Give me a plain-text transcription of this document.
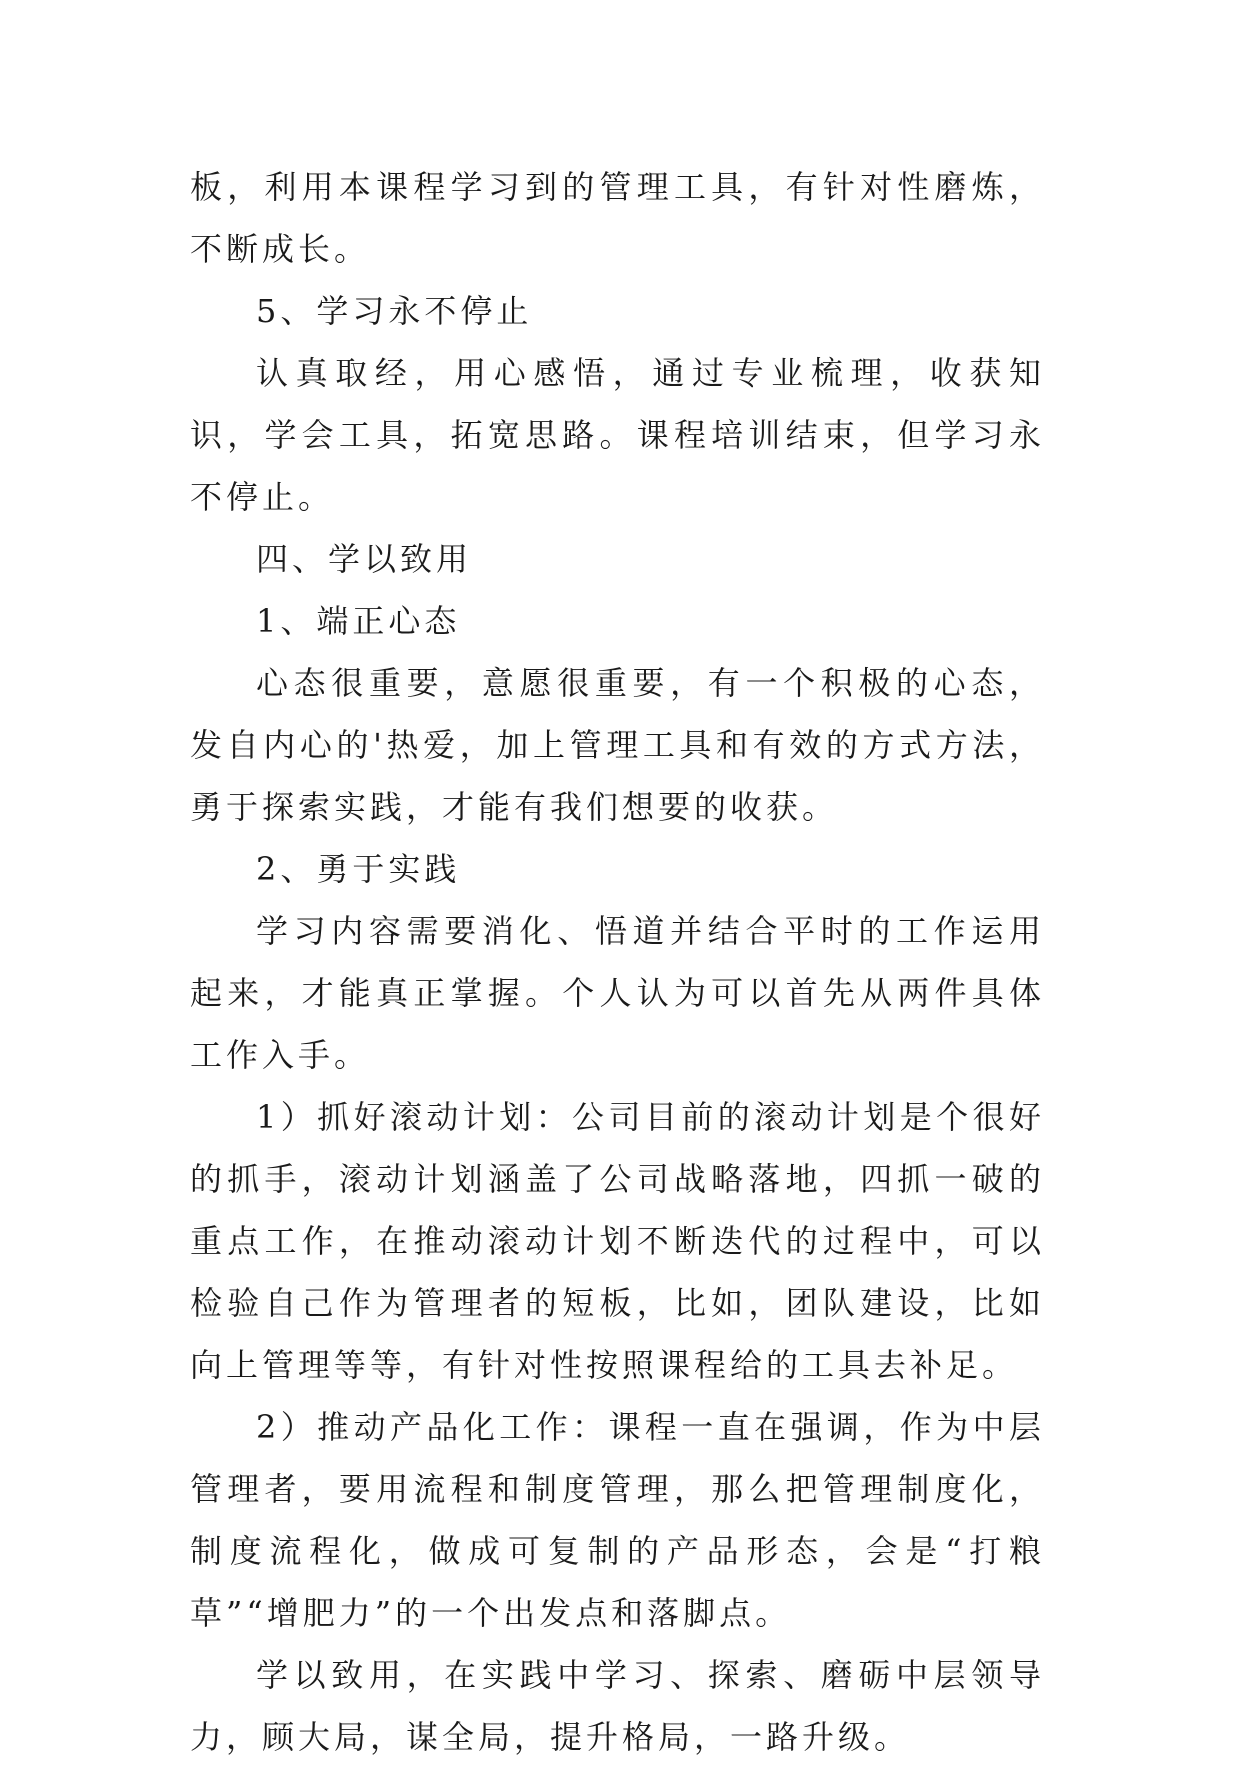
板，利用本课程学习到的管理工具，有针对性磨炼，不断成长。

5、学习永不停止

认真取经，用心感悟，通过专业梳理，收获知识，学会工具，拓宽思路。课程培训结束，但学习永不停止。

四、学以致用

1、端正心态

心态很重要，意愿很重要，有一个积极的心态，发自内心的'热爱，加上管理工具和有效的方式方法，勇于探索实践，才能有我们想要的收获。

2、勇于实践

学习内容需要消化、悟道并结合平时的工作运用起来，才能真正掌握。个人认为可以首先从两件具体工作入手。

1）抓好滚动计划：公司目前的滚动计划是个很好的抓手，滚动计划涵盖了公司战略落地，四抓一破的重点工作，在推动滚动计划不断迭代的过程中，可以检验自己作为管理者的短板，比如，团队建设，比如向上管理等等，有针对性按照课程给的工具去补足。

2）推动产品化工作：课程一直在强调，作为中层管理者，要用流程和制度管理，那么把管理制度化，制度流程化，做成可复制的产品形态，会是“打粮草”“增肥力”的一个出发点和落脚点。

学以致用，在实践中学习、探索、磨砺中层领导力，顾大局，谋全局，提升格局，一路升级。
